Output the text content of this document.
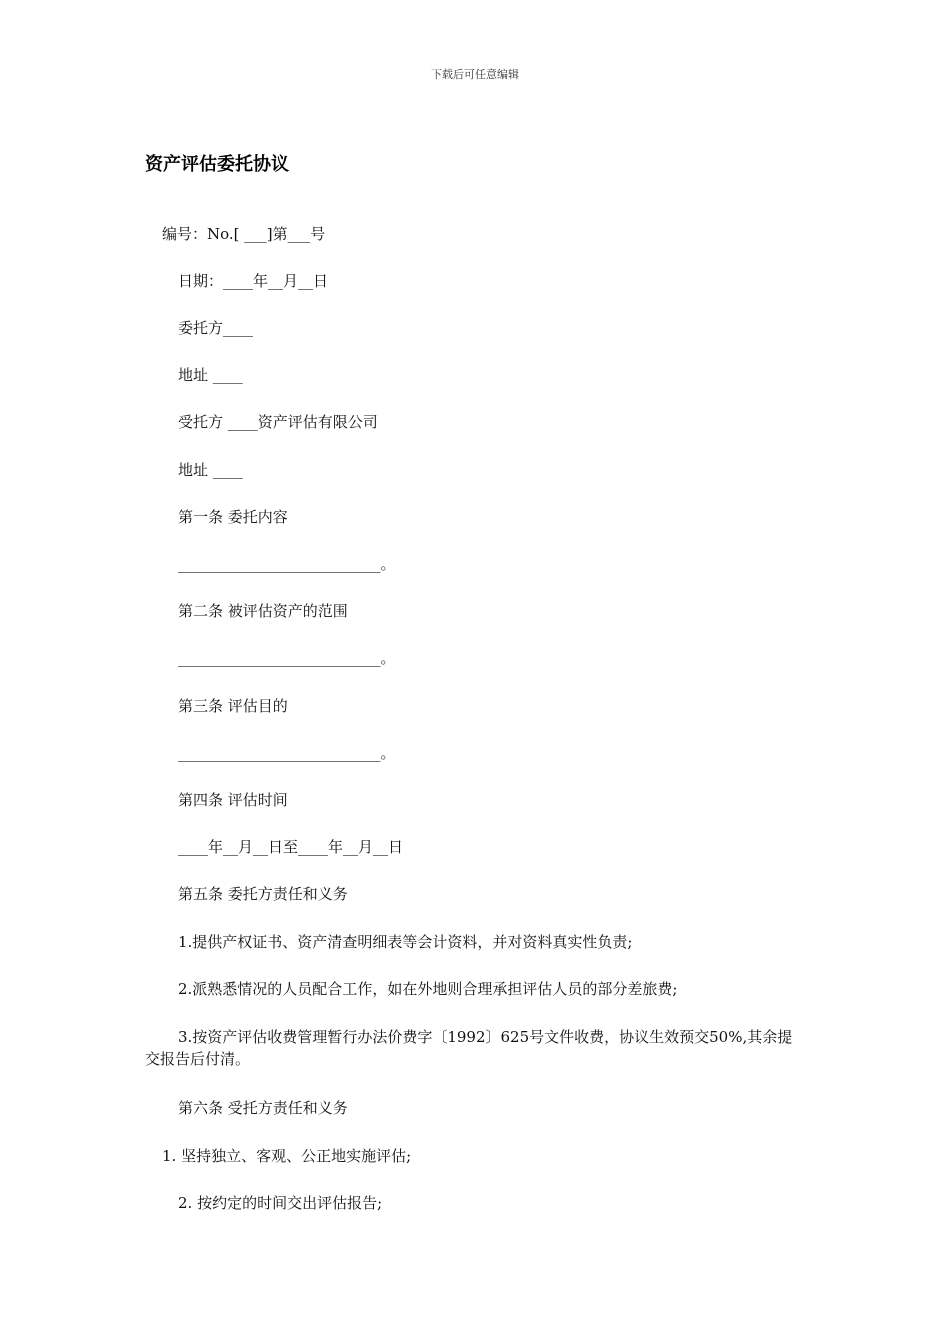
下载后可任意编辑
资产评估委托协议
编号：No.[ ___]第___号
日期：____年__月__日
委托方____
地址 ____
受托方 ____资产评估有限公司
地址 ____
第一条 委托内容
___________________________。
第二条 被评估资产的范围
___________________________。
第三条 评估目的
___________________________。
第四条 评估时间
____年__月__日至____年__月__日
第五条 委托方责任和义务
1.提供产权证书、资产清查明细表等会计资料，并对资料真实性负责;
2.派熟悉情况的人员配合工作，如在外地则合理承担评估人员的部分差旅费;
3.按资产评估收费管理暂行办法价费字〔1992〕625号文件收费，协议生效预交50%,其余提交报告后付清。
第六条 受托方责任和义务
1. 坚持独立、客观、公正地实施评估;
2. 按约定的时间交出评估报告;
